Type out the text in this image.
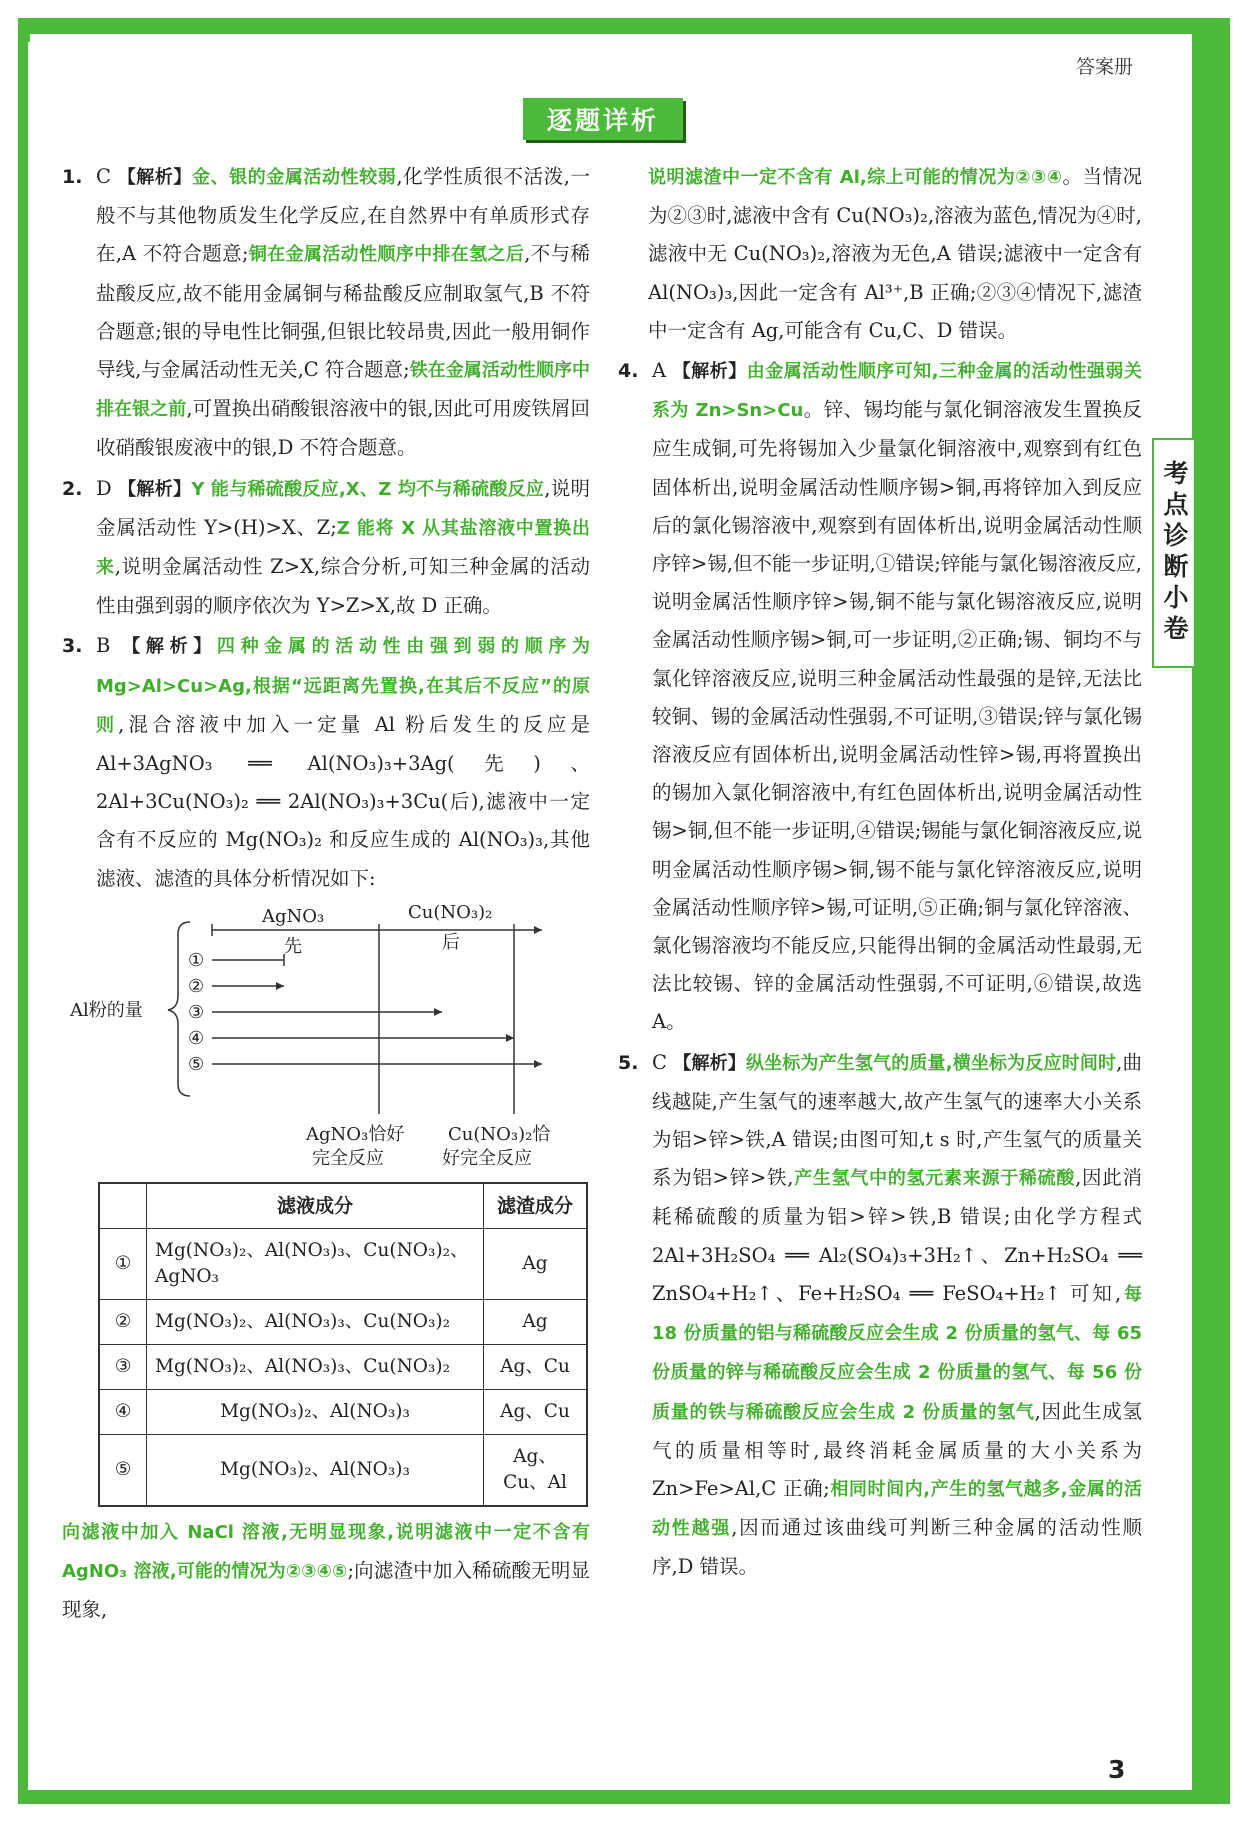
答案册
考点诊断小卷
逐题详析
1. C 【解析】金、银的金属活动性较弱,化学性质很不活泼,一般不与其他物质发生化学反应,在自然界中有单质形式存在,A 不符合题意;铜在金属活动性顺序中排在氢之后,不与稀盐酸反应,故不能用金属铜与稀盐酸反应制取氢气,B 不符合题意;银的导电性比铜强,但银比较昂贵,因此一般用铜作导线,与金属活动性无关,C 符合题意;铁在金属活动性顺序中排在银之前,可置换出硝酸银溶液中的银,因此可用废铁屑回收硝酸银废液中的银,D 不符合题意。
2. D 【解析】Y 能与稀硫酸反应,X、Z 均不与稀硫酸反应,说明金属活动性 Y>(H)>X、Z;Z 能将 X 从其盐溶液中置换出来,说明金属活动性 Z>X,综合分析,可知三种金属的活动性由强到弱的顺序依次为 Y>Z>X,故 D 正确。
3. B 【解析】四种金属的活动性由强到弱的顺序为 Mg>Al>Cu>Ag,根据“远距离先置换,在其后不反应”的原则,混合溶液中加入一定量 Al 粉后发生的反应是 Al+3AgNO₃ ══ Al(NO₃)₃+3Ag(先)、2Al+3Cu(NO₃)₂ ══ 2Al(NO₃)₃+3Cu(后),滤液中一定含有不反应的 Mg(NO₃)₂ 和反应生成的 Al(NO₃)₃,其他滤液、滤渣的具体分析情况如下:
Al粉的量
AgNO₃
先
Cu(NO₃)₂
后
①
②
③
④
⑤
AgNO₃恰好
完全反应
Cu(NO₃)₂恰
好完全反应
	滤液成分	滤渣成分
①	Mg(NO₃)₂、Al(NO₃)₃、Cu(NO₃)₂、AgNO₃	Ag
②	Mg(NO₃)₂、Al(NO₃)₃、Cu(NO₃)₂	Ag
③	Mg(NO₃)₂、Al(NO₃)₃、Cu(NO₃)₂	Ag、Cu
④	Mg(NO₃)₂、Al(NO₃)₃	Ag、Cu
⑤	Mg(NO₃)₂、Al(NO₃)₃	Ag、Cu、Al
向滤液中加入 NaCl 溶液,无明显现象,说明滤液中一定不含有 AgNO₃ 溶液,可能的情况为②③④⑤;向滤渣中加入稀硫酸无明显现象,
说明滤渣中一定不含有 Al,综上可能的情况为②③④。当情况为②③时,滤液中含有 Cu(NO₃)₂,溶液为蓝色,情况为④时,滤液中无 Cu(NO₃)₂,溶液为无色,A 错误;滤液中一定含有 Al(NO₃)₃,因此一定含有 Al³⁺,B 正确;②③④情况下,滤渣中一定含有 Ag,可能含有 Cu,C、D 错误。
4. A 【解析】由金属活动性顺序可知,三种金属的活动性强弱关系为 Zn>Sn>Cu。锌、锡均能与氯化铜溶液发生置换反应生成铜,可先将锡加入少量氯化铜溶液中,观察到有红色固体析出,说明金属活动性顺序锡>铜,再将锌加入到反应后的氯化锡溶液中,观察到有固体析出,说明金属活动性顺序锌>锡,但不能一步证明,①错误;锌能与氯化锡溶液反应,说明金属活性顺序锌>锡,铜不能与氯化锡溶液反应,说明金属活动性顺序锡>铜,可一步证明,②正确;锡、铜均不与氯化锌溶液反应,说明三种金属活动性最强的是锌,无法比较铜、锡的金属活动性强弱,不可证明,③错误;锌与氯化锡溶液反应有固体析出,说明金属活动性锌>锡,再将置换出的锡加入氯化铜溶液中,有红色固体析出,说明金属活动性锡>铜,但不能一步证明,④错误;锡能与氯化铜溶液反应,说明金属活动性顺序锡>铜,锡不能与氯化锌溶液反应,说明金属活动性顺序锌>锡,可证明,⑤正确;铜与氯化锌溶液、氯化锡溶液均不能反应,只能得出铜的金属活动性最弱,无法比较锡、锌的金属活动性强弱,不可证明,⑥错误,故选 A。
5. C 【解析】纵坐标为产生氢气的质量,横坐标为反应时间时,曲线越陡,产生氢气的速率越大,故产生氢气的速率大小关系为铝>锌>铁,A 错误;由图可知,t s 时,产生氢气的质量关系为铝>锌>铁,产生氢气中的氢元素来源于稀硫酸,因此消耗稀硫酸的质量为铝>锌>铁,B 错误;由化学方程式 2Al+3H₂SO₄ ══ Al₂(SO₄)₃+3H₂↑、Zn+H₂SO₄ ══ ZnSO₄+H₂↑、Fe+H₂SO₄ ══ FeSO₄+H₂↑ 可知,每 18 份质量的铝与稀硫酸反应会生成 2 份质量的氢气、每 65 份质量的锌与稀硫酸反应会生成 2 份质量的氢气、每 56 份质量的铁与稀硫酸反应会生成 2 份质量的氢气,因此生成氢气的质量相等时,最终消耗金属质量的大小关系为 Zn>Fe>Al,C 正确;相同时间内,产生的氢气越多,金属的活动性越强,因而通过该曲线可判断三种金属的活动性顺序,D 错误。
3
